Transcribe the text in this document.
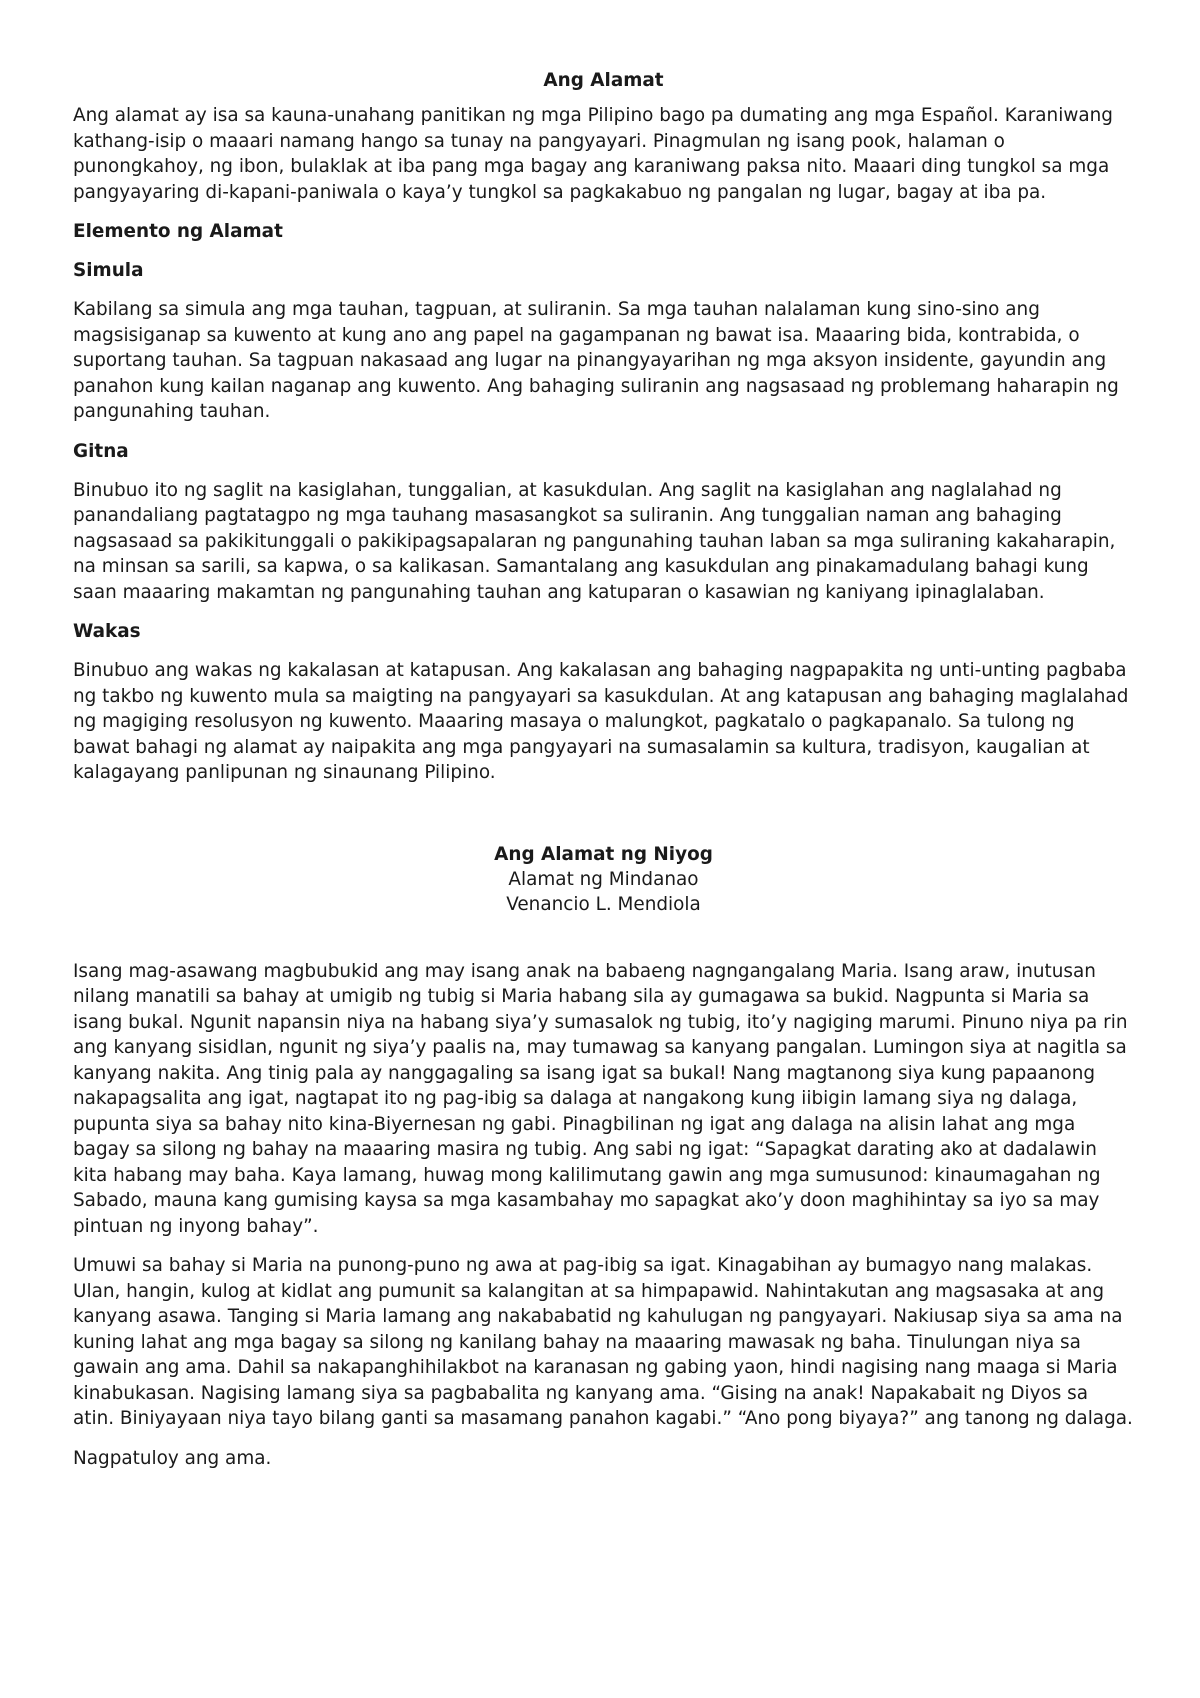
Ang Alamat

Ang alamat ay isa sa kauna-unahang panitikan ng mga Pilipino bago pa dumating ang mga Español. Karaniwang kathang-isip o maaari namang hango sa tunay na pangyayari. Pinagmulan ng isang pook, halaman o punongkahoy, ng ibon, bulaklak at iba pang mga bagay ang karaniwang paksa nito. Maaari ding tungkol sa mga pangyayaring di-kapani-paniwala o kaya’y tungkol sa pagkakabuo ng pangalan ng lugar, bagay at iba pa.

Elemento ng Alamat
Simula

Kabilang sa simula ang mga tauhan, tagpuan, at suliranin. Sa mga tauhan nalalaman kung sino-sino ang magsisiganap sa kuwento at kung ano ang papel na gagampanan ng bawat isa. Maaaring bida, kontrabida, o suportang tauhan. Sa tagpuan nakasaad ang lugar na pinangyayarihan ng mga aksyon insidente, gayundin ang panahon kung kailan naganap ang kuwento. Ang bahaging suliranin ang nagsasaad ng problemang haharapin ng pangunahing tauhan.

Gitna

Binubuo ito ng saglit na kasiglahan, tunggalian, at kasukdulan. Ang saglit na kasiglahan ang naglalahad ng panandaliang pagtatagpo ng mga tauhang masasangkot sa suliranin. Ang tunggalian naman ang bahaging nagsasaad sa pakikitunggali o pakikipagsapalaran ng pangunahing tauhan laban sa mga suliraning kakaharapin, na minsan sa sarili, sa kapwa, o sa kalikasan. Samantalang ang kasukdulan ang pinakamadulang bahagi kung saan maaaring makamtan ng pangunahing tauhan ang katuparan o kasawian ng kaniyang ipinaglalaban.

Wakas

Binubuo ang wakas ng kakalasan at katapusan. Ang kakalasan ang bahaging nagpapakita ng unti-unting pagbaba ng takbo ng kuwento mula sa maigting na pangyayari sa kasukdulan. At ang katapusan ang bahaging maglalahad ng magiging resolusyon ng kuwento. Maaaring masaya o malungkot, pagkatalo o pagkapanalo. Sa tulong ng bawat bahagi ng alamat ay naipakita ang mga pangyayari na sumasalamin sa kultura, tradisyon, kaugalian at kalagayang panlipunan ng sinaunang Pilipino.

Ang Alamat ng Niyog
Alamat ng Mindanao
Venancio L. Mendiola

Isang mag-asawang magbubukid ang may isang anak na babaeng nagngangalang Maria. Isang araw, inutusan nilang manatili sa bahay at umigib ng tubig si Maria habang sila ay gumagawa sa bukid. Nagpunta si Maria sa isang bukal. Ngunit napansin niya na habang siya’y sumasalok ng tubig, ito’y nagiging marumi. Pinuno niya pa rin ang kanyang sisidlan, ngunit ng siya’y paalis na, may tumawag sa kanyang pangalan. Lumingon siya at nagitla sa kanyang nakita. Ang tinig pala ay nanggagaling sa isang igat sa bukal! Nang magtanong siya kung papaanong nakapagsalita ang igat, nagtapat ito ng pag-ibig sa dalaga at nangakong kung iibigin lamang siya ng dalaga, pupunta siya sa bahay nito kina-Biyernesan ng gabi. Pinagbilinan ng igat ang dalaga na alisin lahat ang mga bagay sa silong ng bahay na maaaring masira ng tubig. Ang sabi ng igat: “Sapagkat darating ako at dadalawin kita habang may baha. Kaya lamang, huwag mong kalilimutang gawin ang mga sumusunod: kinaumagahan ng Sabado, mauna kang gumising kaysa sa mga kasambahay mo sapagkat ako’y doon maghihintay sa iyo sa may pintuan ng inyong bahay”.

Umuwi sa bahay si Maria na punong-puno ng awa at pag-ibig sa igat. Kinagabihan ay bumagyo nang malakas. Ulan, hangin, kulog at kidlat ang pumunit sa kalangitan at sa himpapawid. Nahintakutan ang magsasaka at ang kanyang asawa. Tanging si Maria lamang ang nakababatid ng kahulugan ng pangyayari. Nakiusap siya sa ama na kuning lahat ang mga bagay sa silong ng kanilang bahay na maaaring mawasak ng baha. Tinulungan niya sa gawain ang ama. Dahil sa nakapanghihilakbot na karanasan ng gabing yaon, hindi nagising nang maaga si Maria kinabukasan. Nagising lamang siya sa pagbabalita ng kanyang ama. “Gising na anak! Napakabait ng Diyos sa atin. Biniyayaan niya tayo bilang ganti sa masamang panahon kagabi.” “Ano pong biyaya?” ang tanong ng dalaga.

Nagpatuloy ang ama.
